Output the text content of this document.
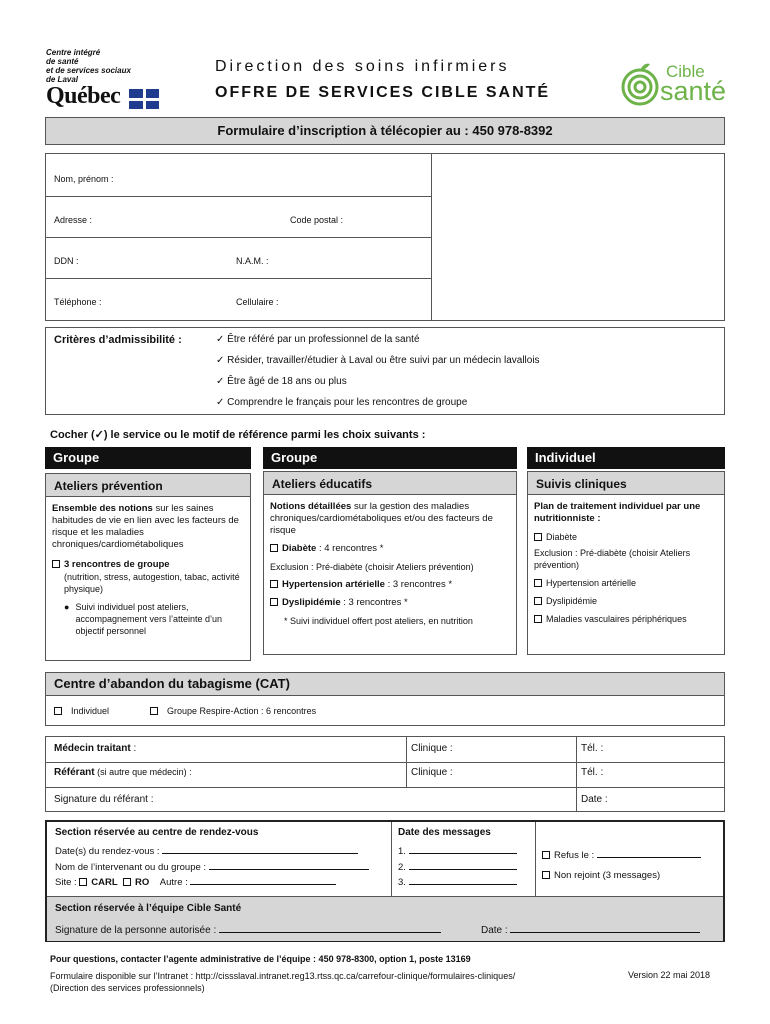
Centre intégré
de santé
et de services sociaux
de Laval
Québec
Direction des soins infirmiers
OFFRE DE SERVICES CIBLE SANTÉ
Cible
santé
Formulaire d’inscription à télécopier au : 450 978-8392
Nom, prénom :
Adresse :	Code postal :
DDN :	N.A.M. :
Téléphone :	Cellulaire :
Critères d’admissibilité :	✓ Être référé par un professionnel de la santé
✓ Résider, travailler/étudier à Laval ou être suivi par un médecin lavallois
✓ Être âgé de 18 ans ou plus
✓ Comprendre le français pour les rencontres de groupe
Cocher (✓) le service ou le motif de référence parmi les choix suivants :
Groupe
Ateliers prévention
Ensemble des notions sur les saines habitudes de vie en lien avec les facteurs de risque et les maladies chroniques/cardiométaboliques
3 rencontres de groupe
(nutrition, stress, autogestion, tabac, activité physique)
● Suivi individuel post ateliers, accompagnement vers l’atteinte d’un objectif personnel
Groupe
Ateliers éducatifs
Notions détaillées sur la gestion des maladies chroniques/cardiométaboliques et/ou des facteurs de risque
Diabète : 4 rencontres *
Exclusion : Pré-diabète (choisir Ateliers prévention)
Hypertension artérielle : 3 rencontres *
Dyslipidémie : 3 rencontres *
* Suivi individuel offert post ateliers, en nutrition
Individuel
Suivis cliniques
Plan de traitement individuel par une nutritionniste :
Diabète
Exclusion : Pré-diabète (choisir Ateliers prévention)
Hypertension artérielle
Dyslipidémie
Maladies vasculaires périphériques
Centre d’abandon du tabagisme (CAT)
Individuel	Groupe Respire-Action : 6 rencontres
Médecin traitant :	Clinique :	Tél. :
Référant (si autre que médecin) :	Clinique :	Tél. :
Signature du référant :	Date :
Section réservée au centre de rendez-vous
Date(s) du rendez-vous :
Nom de l’intervenant ou du groupe :
Site : CARL RO Autre :
Date des messages
1.
2.
3.
Refus le :
Non rejoint (3 messages)
Section réservée à l’équipe Cible Santé
Signature de la personne autorisée :	Date :
Pour questions, contacter l’agente administrative de l’équipe : 450 978-8300, option 1, poste 13169
Formulaire disponible sur l’Intranet : http://cissslaval.intranet.reg13.rtss.qc.ca/carrefour-clinique/formulaires-cliniques/
(Direction des services professionnels)
Version 22 mai 2018
